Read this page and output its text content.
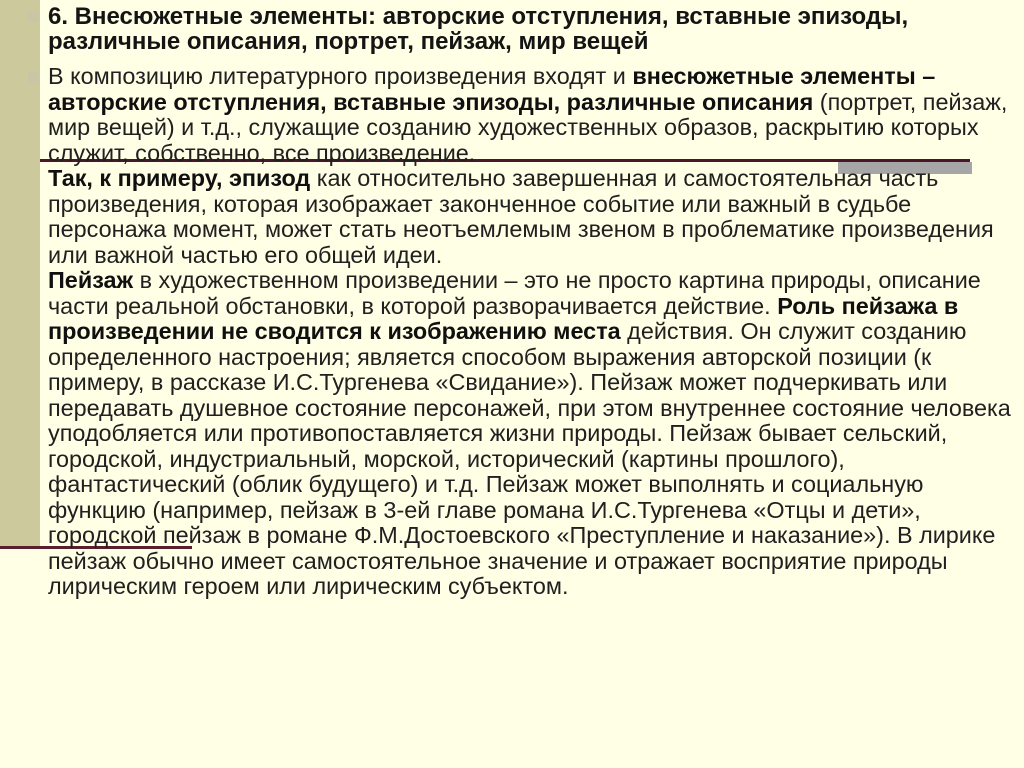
6. Внесюжетные элементы: авторские отступления, вставные эпизоды, различные описания, портрет, пейзаж, мир вещей
В композицию литературного произведения входят и внесюжетные элементы – авторские отступления, вставные эпизоды, различные описания (портрет, пейзаж, мир вещей) и т.д., служащие созданию художественных образов, раскрытию которых служит, собственно, все произведение.
Так, к примеру, эпизод как относительно завершенная и самостоятельная часть произведения, которая изображает законченное событие или важный в судьбе персонажа момент, может стать неотъемлемым звеном в проблематике произведения или важной частью его общей идеи.
Пейзаж в художественном произведении – это не просто картина природы, описание части реальной обстановки, в которой разворачивается действие. Роль пейзажа в произведении не сводится к изображению места действия. Он служит созданию определенного настроения; является способом выражения авторской позиции (к примеру, в рассказе И.С.Тургенева «Свидание»). Пейзаж может подчеркивать или передавать душевное состояние персонажей, при этом внутреннее состояние человека уподобляется или противопоставляется жизни природы. Пейзаж бывает сельский, городской, индустриальный, морской, исторический (картины прошлого), фантастический (облик будущего) и т.д. Пейзаж может выполнять и социальную функцию (например, пейзаж в 3-ей главе романа И.С.Тургенева «Отцы и дети», городской пейзаж в романе Ф.М.Достоевского «Преступление и наказание»). В лирике пейзаж обычно имеет самостоятельное значение и отражает восприятие природы лирическим героем или лирическим субъектом.
